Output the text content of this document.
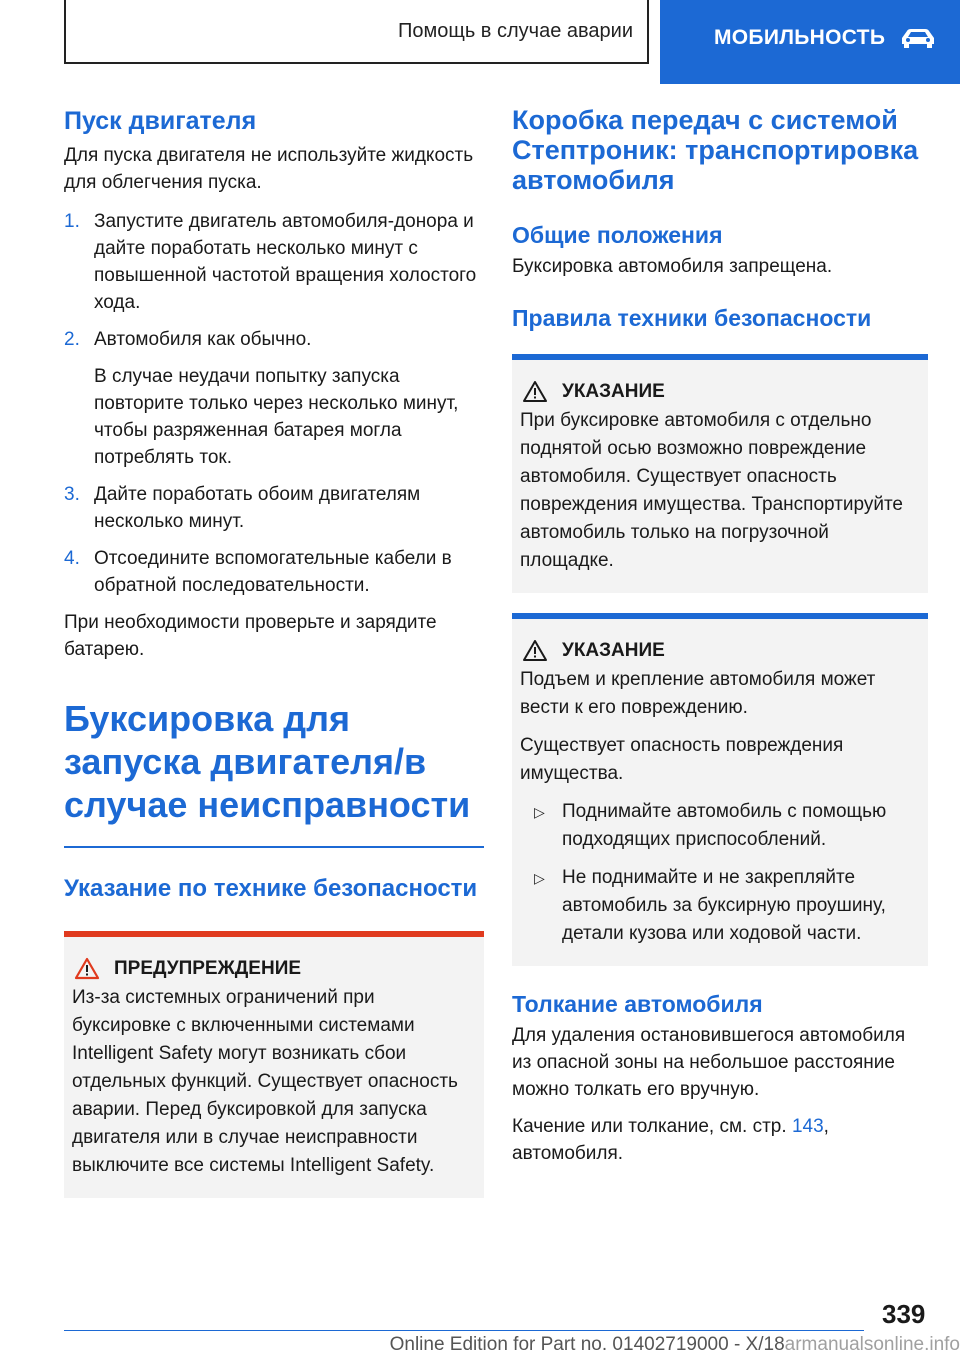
Помощь в случае аварии	МОБИЛЬНОСТЬ
Пуск двигателя

Для пуска двигателя не используйте жидкость для облегчения пуска.

1. Запустите двигатель автомобиля-донора и дайте поработать несколько минут с повышенной частотой вращения холостого хода.
2. Автомобиля как обычно.

В случае неудачи попытку запуска повторите только через несколько минут, чтобы разряженная батарея могла потреблять ток.

3. Дайте поработать обоим двигателям несколько минут.
4. Отсоедините вспомогательные кабели в обратной последовательности.

При необходимости проверьте и зарядите батарею.

Буксировка для запуска двигателя/в случае неисправности
Указание по технике безопасности
ПРЕДУПРЕЖДЕНИЕ

Из-за системных ограничений при буксировке с включенными системами Intelligent Safety могут возникать сбои отдельных функций. Существует опасность аварии. Перед буксировкой для запуска двигателя или в случае неисправности выключите все системы Intelligent Safety.

Коробка передач с системой Стептроник: транспортировка автомобиля
Общие положения

Буксировка автомобиля запрещена.

Правила техники безопасности
УКАЗАНИЕ

При буксировке автомобиля с отдельно поднятой осью возможно повреждение автомобиля. Существует опасность повреждения имущества. Транспортируйте автомобиль только на погрузочной площадке.

УКАЗАНИЕ

Подъем и крепление автомобиля может вести к его повреждению.

Существует опасность повреждения имущества.

▷ Поднимайте автомобиль с помощью подходящих приспособлений.
▷ Не поднимайте и не закрепляйте автомобиль за буксирную проушину, детали кузова или ходовой части.
Толкание автомобиля

Для удаления остановившегося автомобиля из опасной зоны на небольшое расстояние можно толкать его вручную.

Качение или толкание, см. стр. 143,
автомобиля.

339
Online Edition for Part no. 01402719000 - X/18armanualsonline.info
